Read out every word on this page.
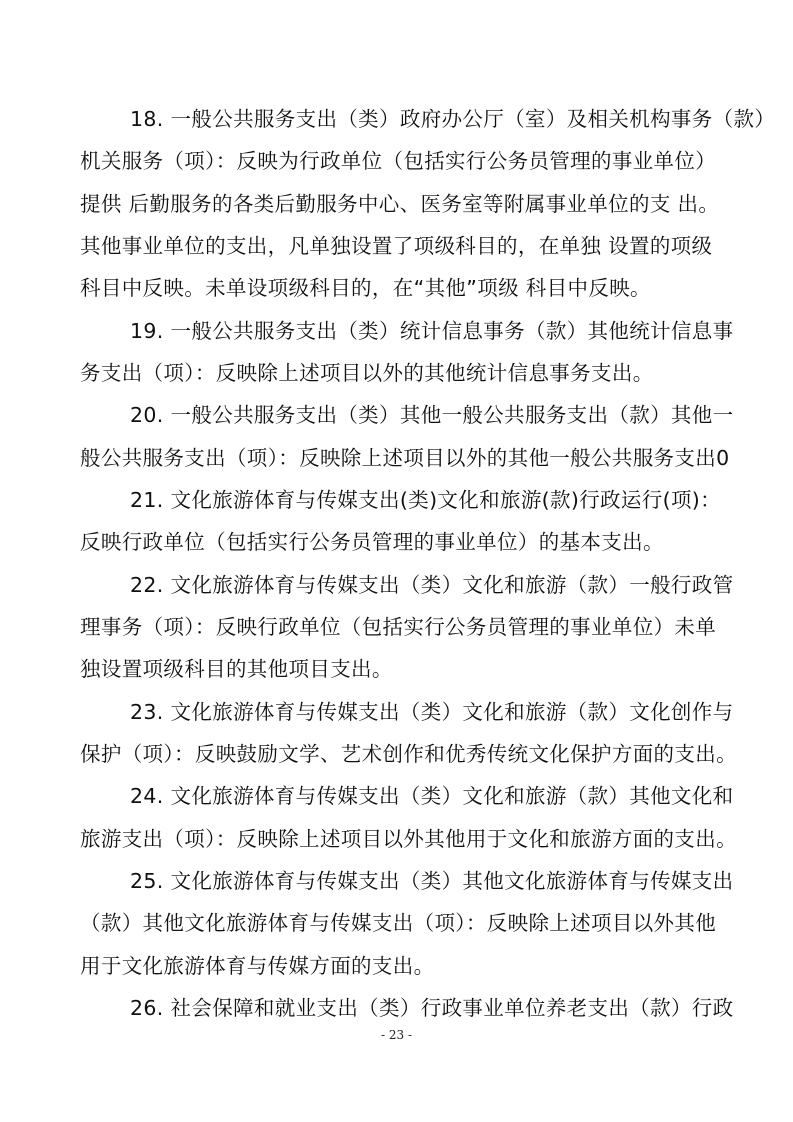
18. 一般公共服务支出（类）政府办公厅（室）及相关机构事务（款）
机关服务（项）：反映为行政单位（包括实行公务员管理的事业单位）
提供 后勤服务的各类后勤服务中心、医务室等附属事业单位的支 出。
其他事业单位的支出，凡单独设置了项级科目的，在单独 设置的项级
科目中反映。未单设项级科目的，在“其他”项级 科目中反映。
19. 一般公共服务支出（类）统计信息事务（款）其他统计信息事
务支出（项）：反映除上述项目以外的其他统计信息事务支出。
20. 一般公共服务支出（类）其他一般公共服务支出（款）其他一
般公共服务支出（项）：反映除上述项目以外的其他一般公共服务支出0
21. 文化旅游体育与传媒支出(类)文化和旅游(款)行政运行(项)：
反映行政单位（包括实行公务员管理的事业单位）的基本支出。
22. 文化旅游体育与传媒支出（类）文化和旅游（款）一般行政管
理事务（项）：反映行政单位（包括实行公务员管理的事业单位）未单
独设置项级科目的其他项目支出。
23. 文化旅游体育与传媒支出（类）文化和旅游（款）文化创作与
保护（项）：反映鼓励文学、艺术创作和优秀传统文化保护方面的支出。
24. 文化旅游体育与传媒支出（类）文化和旅游（款）其他文化和
旅游支出（项）：反映除上述项目以外其他用于文化和旅游方面的支出。
25. 文化旅游体育与传媒支出（类）其他文化旅游体育与传媒支出
（款）其他文化旅游体育与传媒支出（项）：反映除上述项目以外其他
用于文化旅游体育与传媒方面的支出。
26. 社会保障和就业支出（类）行政事业单位养老支出（款）行政
- 23 -
